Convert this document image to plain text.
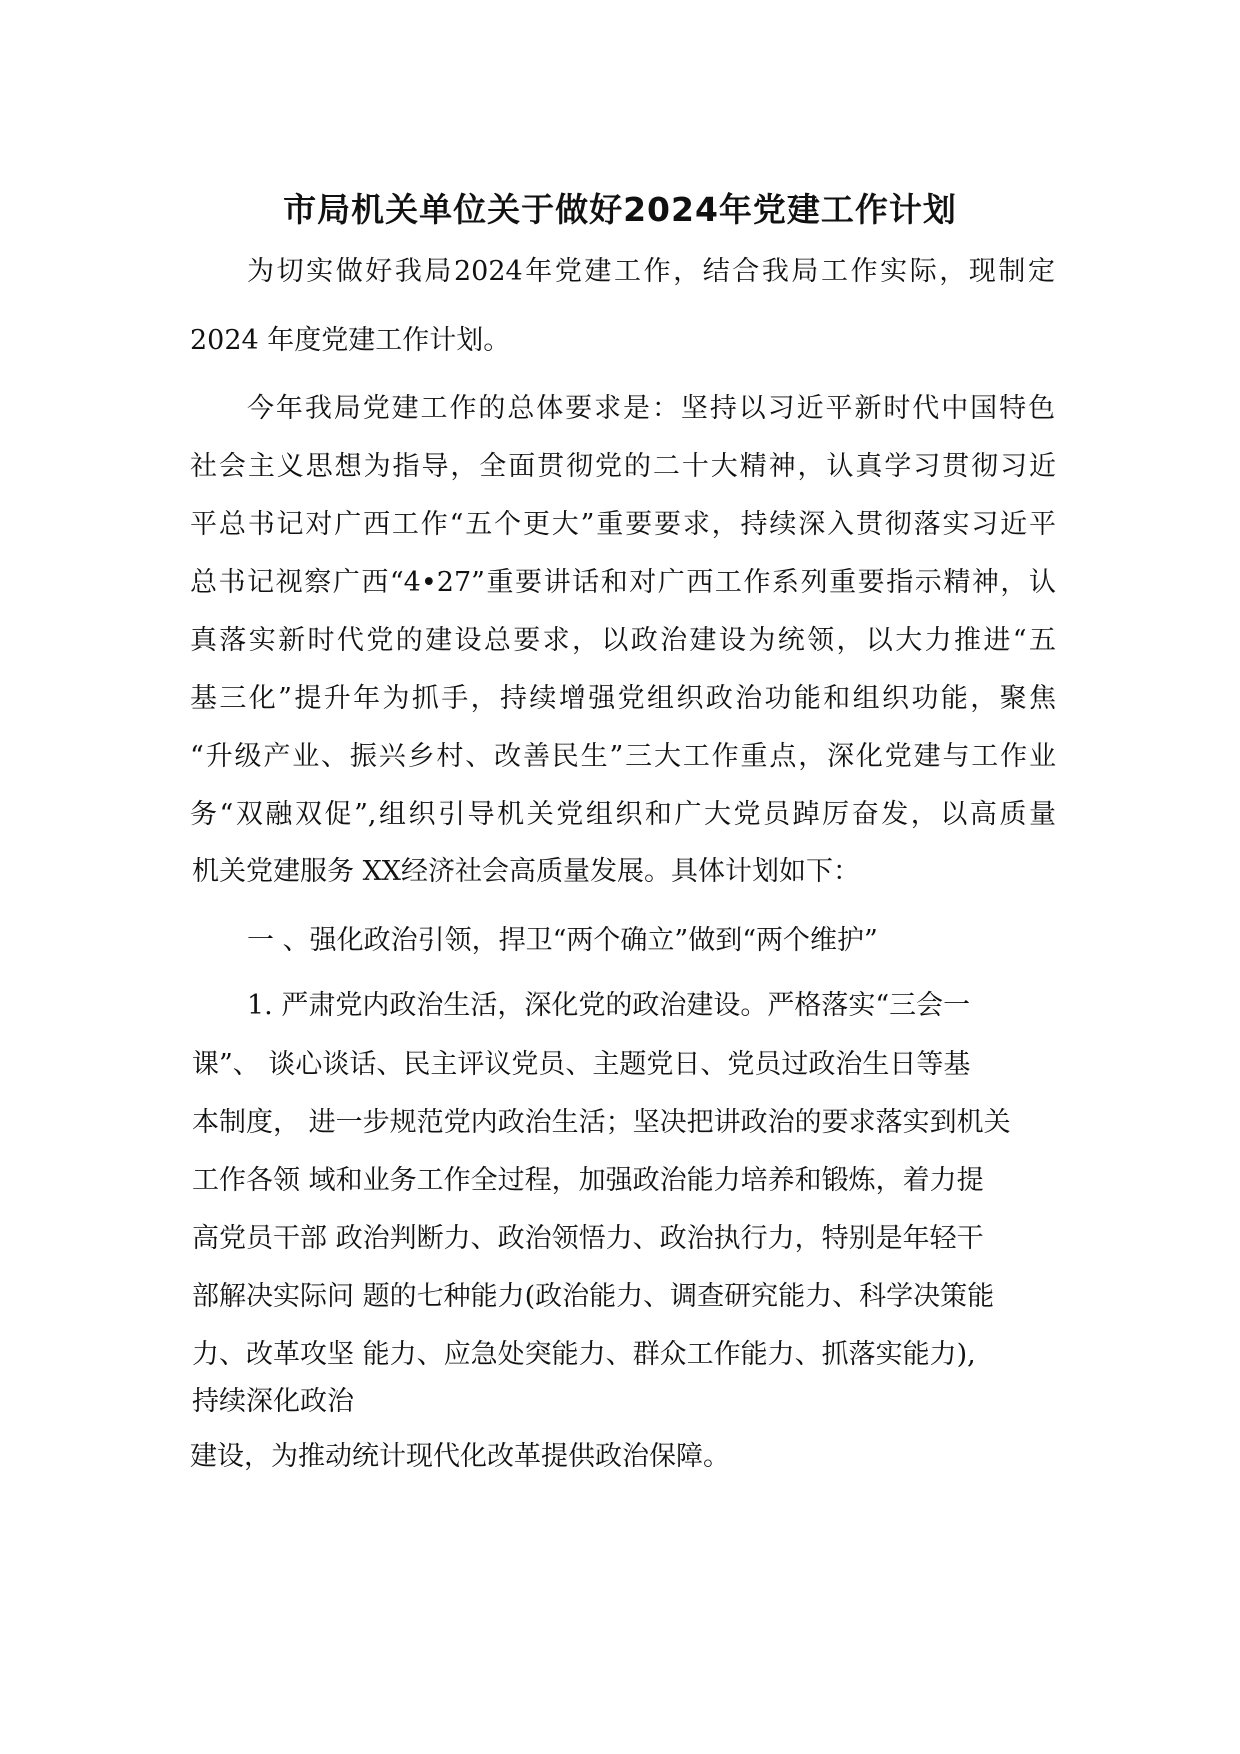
市局机关单位关于做好2024年党建工作计划

为切实做好我局2024年党建工作，结合我局工作实际，现制定

2024 年度党建工作计划。

今年我局党建工作的总体要求是：坚持以习近平新时代中国特色

社会主义思想为指导，全面贯彻党的二十大精神，认真学习贯彻习近

平总书记对广西工作“五个更大”重要要求，持续深入贯彻落实习近平

总书记视察广西“4•27”重要讲话和对广西工作系列重要指示精神，认

真落实新时代党的建设总要求，以政治建设为统领，以大力推进“五

基三化”提升年为抓手，持续增强党组织政治功能和组织功能，聚焦

“升级产业、振兴乡村、改善民生”三大工作重点，深化党建与工作业

务“双融双促”,组织引导机关党组织和广大党员踔厉奋发，以高质量

机关党建服务 XX经济社会高质量发展。具体计划如下：

一 、强化政治引领，捍卫“两个确立”做到“两个维护”

1. 严肃党内政治生活，深化党的政治建设。严格落实“三会一

课”、 谈心谈话、民主评议党员、主题党日、党员过政治生日等基

本制度， 进一步规范党内政治生活；坚决把讲政治的要求落实到机关

工作各领 域和业务工作全过程，加强政治能力培养和锻炼，着力提

高党员干部 政治判断力、政治领悟力、政治执行力，特别是年轻干

部解决实际问 题的七种能力(政治能力、调查研究能力、科学决策能

力、改革攻坚 能力、应急处突能力、群众工作能力、抓落实能力),

持续深化政治

建设，为推动统计现代化改革提供政治保障。
